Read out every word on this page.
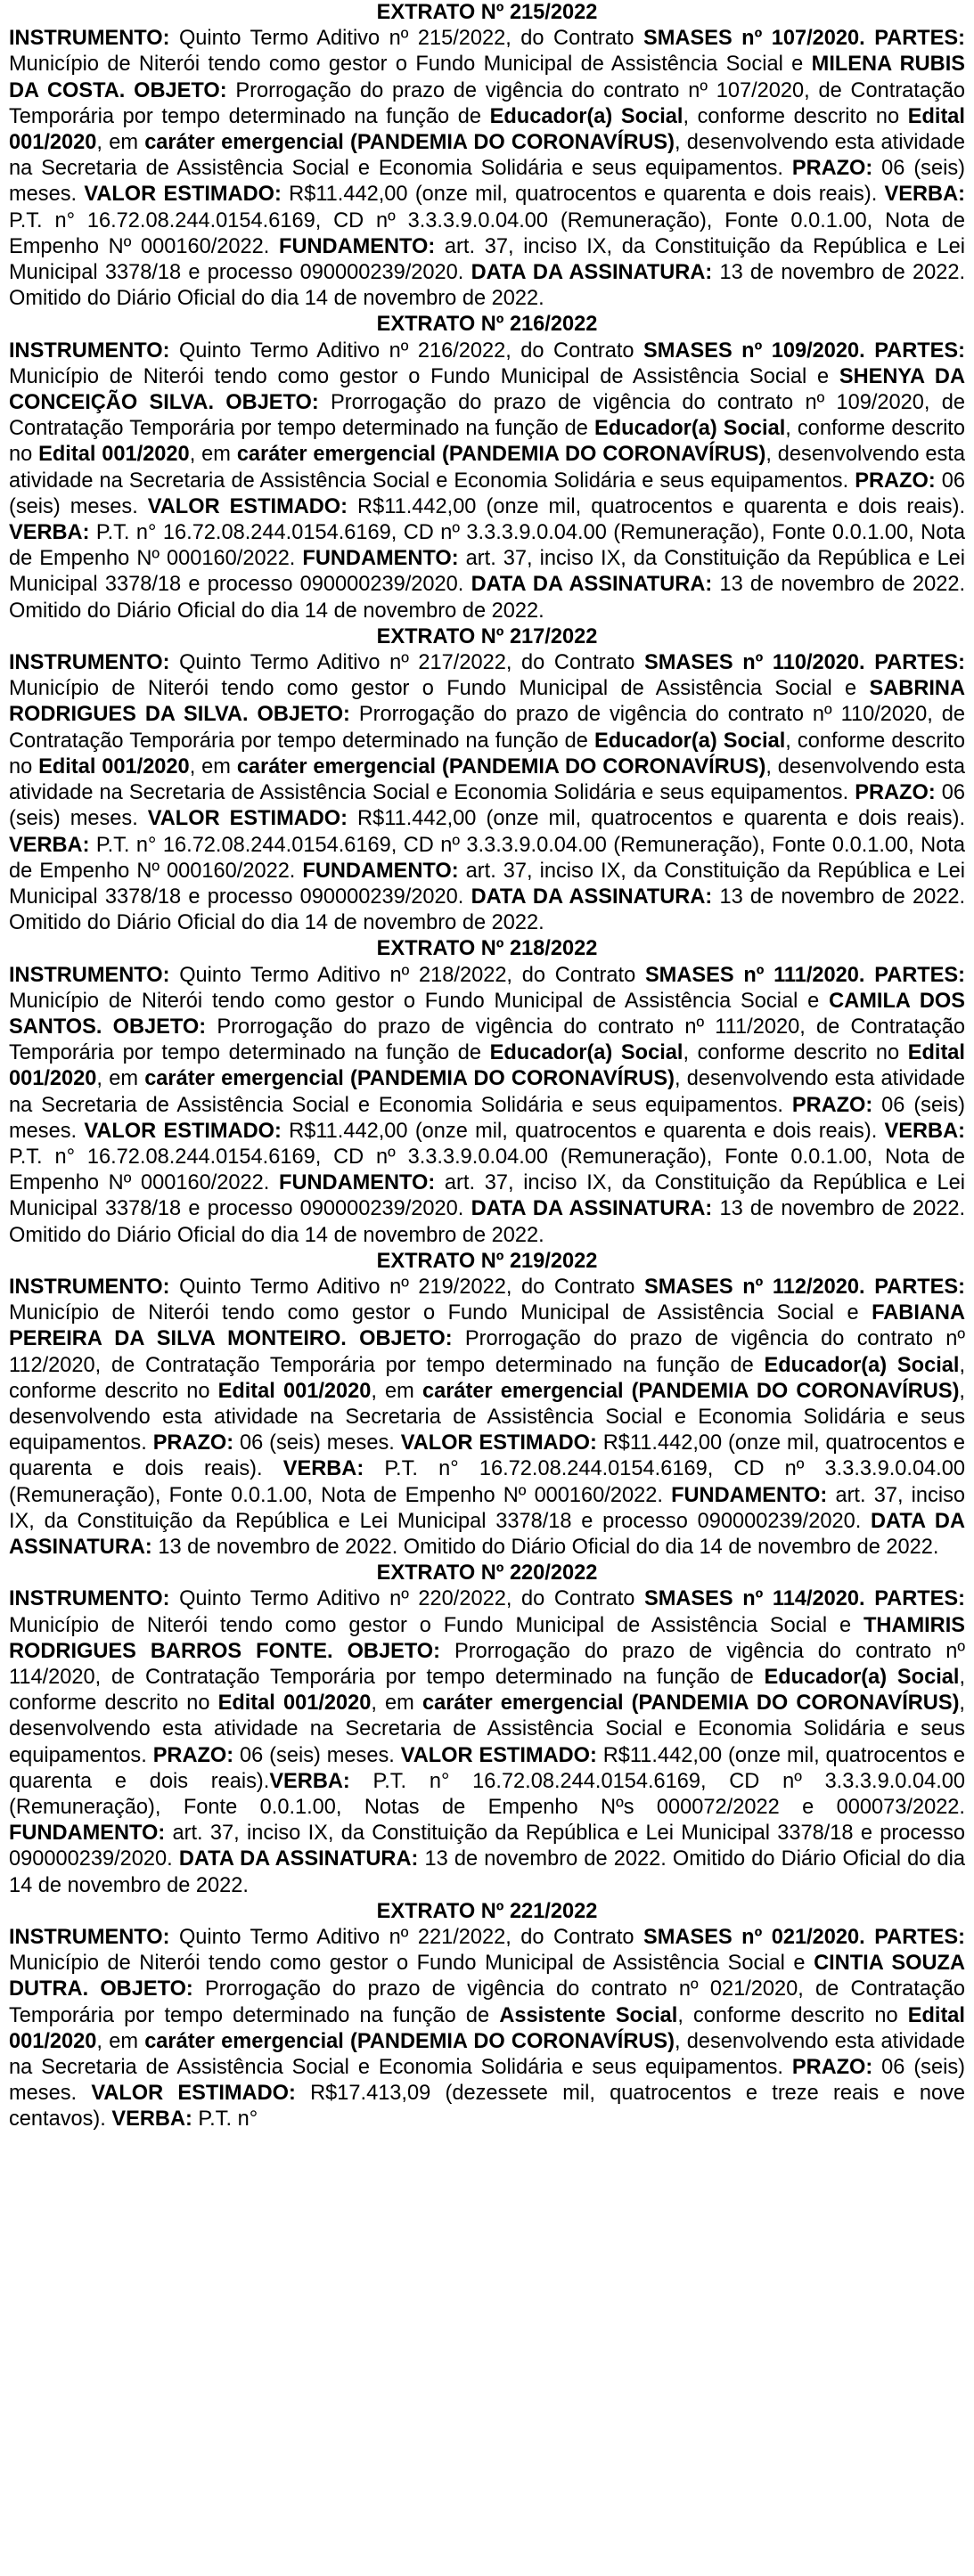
EXTRATO Nº 215/2022

INSTRUMENTO: Quinto Termo Aditivo nº 215/2022, do Contrato SMASES nº 107/2020. PARTES: Município de Niterói tendo como gestor o Fundo Municipal de Assistência Social e MILENA RUBIS DA COSTA. OBJETO: Prorrogação do prazo de vigência do contrato nº 107/2020, de Contratação Temporária por tempo determinado na função de Educador(a) Social, conforme descrito no Edital 001/2020, em caráter emergencial (PANDEMIA DO CORONAVÍRUS), desenvolvendo esta atividade na Secretaria de Assistência Social e Economia Solidária e seus equipamentos. PRAZO: 06 (seis) meses. VALOR ESTIMADO: R$11.442,00 (onze mil, quatrocentos e quarenta e dois reais). VERBA: P.T. n° 16.72.08.244.0154.6169, CD nº 3.3.3.9.0.04.00 (Remuneração), Fonte 0.0.1.00, Nota de Empenho Nº 000160/2022. FUNDAMENTO: art. 37, inciso IX, da Constituição da República e Lei Municipal 3378/18 e processo 090000239/2020. DATA DA ASSINATURA: 13 de novembro de 2022. Omitido do Diário Oficial do dia 14 de novembro de 2022.

EXTRATO Nº 216/2022

INSTRUMENTO: Quinto Termo Aditivo nº 216/2022, do Contrato SMASES nº 109/2020. PARTES: Município de Niterói tendo como gestor o Fundo Municipal de Assistência Social e SHENYA DA CONCEIÇÃO SILVA. OBJETO: Prorrogação do prazo de vigência do contrato nº 109/2020, de Contratação Temporária por tempo determinado na função de Educador(a) Social, conforme descrito no Edital 001/2020, em caráter emergencial (PANDEMIA DO CORONAVÍRUS), desenvolvendo esta atividade na Secretaria de Assistência Social e Economia Solidária e seus equipamentos. PRAZO: 06 (seis) meses. VALOR ESTIMADO: R$11.442,00 (onze mil, quatrocentos e quarenta e dois reais). VERBA: P.T. n° 16.72.08.244.0154.6169, CD nº 3.3.3.9.0.04.00 (Remuneração), Fonte 0.0.1.00, Nota de Empenho Nº 000160/2022. FUNDAMENTO: art. 37, inciso IX, da Constituição da República e Lei Municipal 3378/18 e processo 090000239/2020. DATA DA ASSINATURA: 13 de novembro de 2022. Omitido do Diário Oficial do dia 14 de novembro de 2022.

EXTRATO Nº 217/2022

INSTRUMENTO: Quinto Termo Aditivo nº 217/2022, do Contrato SMASES nº 110/2020. PARTES: Município de Niterói tendo como gestor o Fundo Municipal de Assistência Social e SABRINA RODRIGUES DA SILVA. OBJETO: Prorrogação do prazo de vigência do contrato nº 110/2020, de Contratação Temporária por tempo determinado na função de Educador(a) Social, conforme descrito no Edital 001/2020, em caráter emergencial (PANDEMIA DO CORONAVÍRUS), desenvolvendo esta atividade na Secretaria de Assistência Social e Economia Solidária e seus equipamentos. PRAZO: 06 (seis) meses. VALOR ESTIMADO: R$11.442,00 (onze mil, quatrocentos e quarenta e dois reais). VERBA: P.T. n° 16.72.08.244.0154.6169, CD nº 3.3.3.9.0.04.00 (Remuneração), Fonte 0.0.1.00, Nota de Empenho Nº 000160/2022. FUNDAMENTO: art. 37, inciso IX, da Constituição da República e Lei Municipal 3378/18 e processo 090000239/2020. DATA DA ASSINATURA: 13 de novembro de 2022. Omitido do Diário Oficial do dia 14 de novembro de 2022.

EXTRATO Nº 218/2022

INSTRUMENTO: Quinto Termo Aditivo nº 218/2022, do Contrato SMASES nº 111/2020. PARTES: Município de Niterói tendo como gestor o Fundo Municipal de Assistência Social e CAMILA DOS SANTOS. OBJETO: Prorrogação do prazo de vigência do contrato nº 111/2020, de Contratação Temporária por tempo determinado na função de Educador(a) Social, conforme descrito no Edital 001/2020, em caráter emergencial (PANDEMIA DO CORONAVÍRUS), desenvolvendo esta atividade na Secretaria de Assistência Social e Economia Solidária e seus equipamentos. PRAZO: 06 (seis) meses. VALOR ESTIMADO: R$11.442,00 (onze mil, quatrocentos e quarenta e dois reais). VERBA: P.T. n° 16.72.08.244.0154.6169, CD nº 3.3.3.9.0.04.00 (Remuneração), Fonte 0.0.1.00, Nota de Empenho Nº 000160/2022. FUNDAMENTO: art. 37, inciso IX, da Constituição da República e Lei Municipal 3378/18 e processo 090000239/2020. DATA DA ASSINATURA: 13 de novembro de 2022. Omitido do Diário Oficial do dia 14 de novembro de 2022.

EXTRATO Nº 219/2022

INSTRUMENTO: Quinto Termo Aditivo nº 219/2022, do Contrato SMASES nº 112/2020. PARTES: Município de Niterói tendo como gestor o Fundo Municipal de Assistência Social e FABIANA PEREIRA DA SILVA MONTEIRO. OBJETO: Prorrogação do prazo de vigência do contrato nº 112/2020, de Contratação Temporária por tempo determinado na função de Educador(a) Social, conforme descrito no Edital 001/2020, em caráter emergencial (PANDEMIA DO CORONAVÍRUS), desenvolvendo esta atividade na Secretaria de Assistência Social e Economia Solidária e seus equipamentos. PRAZO: 06 (seis) meses. VALOR ESTIMADO: R$11.442,00 (onze mil, quatrocentos e quarenta e dois reais). VERBA: P.T. n° 16.72.08.244.0154.6169, CD nº 3.3.3.9.0.04.00 (Remuneração), Fonte 0.0.1.00, Nota de Empenho Nº 000160/2022. FUNDAMENTO: art. 37, inciso IX, da Constituição da República e Lei Municipal 3378/18 e processo 090000239/2020. DATA DA ASSINATURA: 13 de novembro de 2022. Omitido do Diário Oficial do dia 14 de novembro de 2022.

EXTRATO Nº 220/2022

INSTRUMENTO: Quinto Termo Aditivo nº 220/2022, do Contrato SMASES nº 114/2020. PARTES: Município de Niterói tendo como gestor o Fundo Municipal de Assistência Social e THAMIRIS RODRIGUES BARROS FONTE. OBJETO: Prorrogação do prazo de vigência do contrato nº 114/2020, de Contratação Temporária por tempo determinado na função de Educador(a) Social, conforme descrito no Edital 001/2020, em caráter emergencial (PANDEMIA DO CORONAVÍRUS), desenvolvendo esta atividade na Secretaria de Assistência Social e Economia Solidária e seus equipamentos. PRAZO: 06 (seis) meses. VALOR ESTIMADO: R$11.442,00 (onze mil, quatrocentos e quarenta e dois reais).VERBA: P.T. n° 16.72.08.244.0154.6169, CD nº 3.3.3.9.0.04.00 (Remuneração), Fonte 0.0.1.00, Notas de Empenho Nºs 000072/2022 e 000073/2022. FUNDAMENTO: art. 37, inciso IX, da Constituição da República e Lei Municipal 3378/18 e processo 090000239/2020. DATA DA ASSINATURA: 13 de novembro de 2022. Omitido do Diário Oficial do dia 14 de novembro de 2022.

EXTRATO Nº 221/2022

INSTRUMENTO: Quinto Termo Aditivo nº 221/2022, do Contrato SMASES nº 021/2020. PARTES: Município de Niterói tendo como gestor o Fundo Municipal de Assistência Social e CINTIA SOUZA DUTRA. OBJETO: Prorrogação do prazo de vigência do contrato nº 021/2020, de Contratação Temporária por tempo determinado na função de Assistente Social, conforme descrito no Edital 001/2020, em caráter emergencial (PANDEMIA DO CORONAVÍRUS), desenvolvendo esta atividade na Secretaria de Assistência Social e Economia Solidária e seus equipamentos. PRAZO: 06 (seis) meses. VALOR ESTIMADO: R$17.413,09 (dezessete mil, quatrocentos e treze reais e nove centavos). VERBA: P.T. n°
